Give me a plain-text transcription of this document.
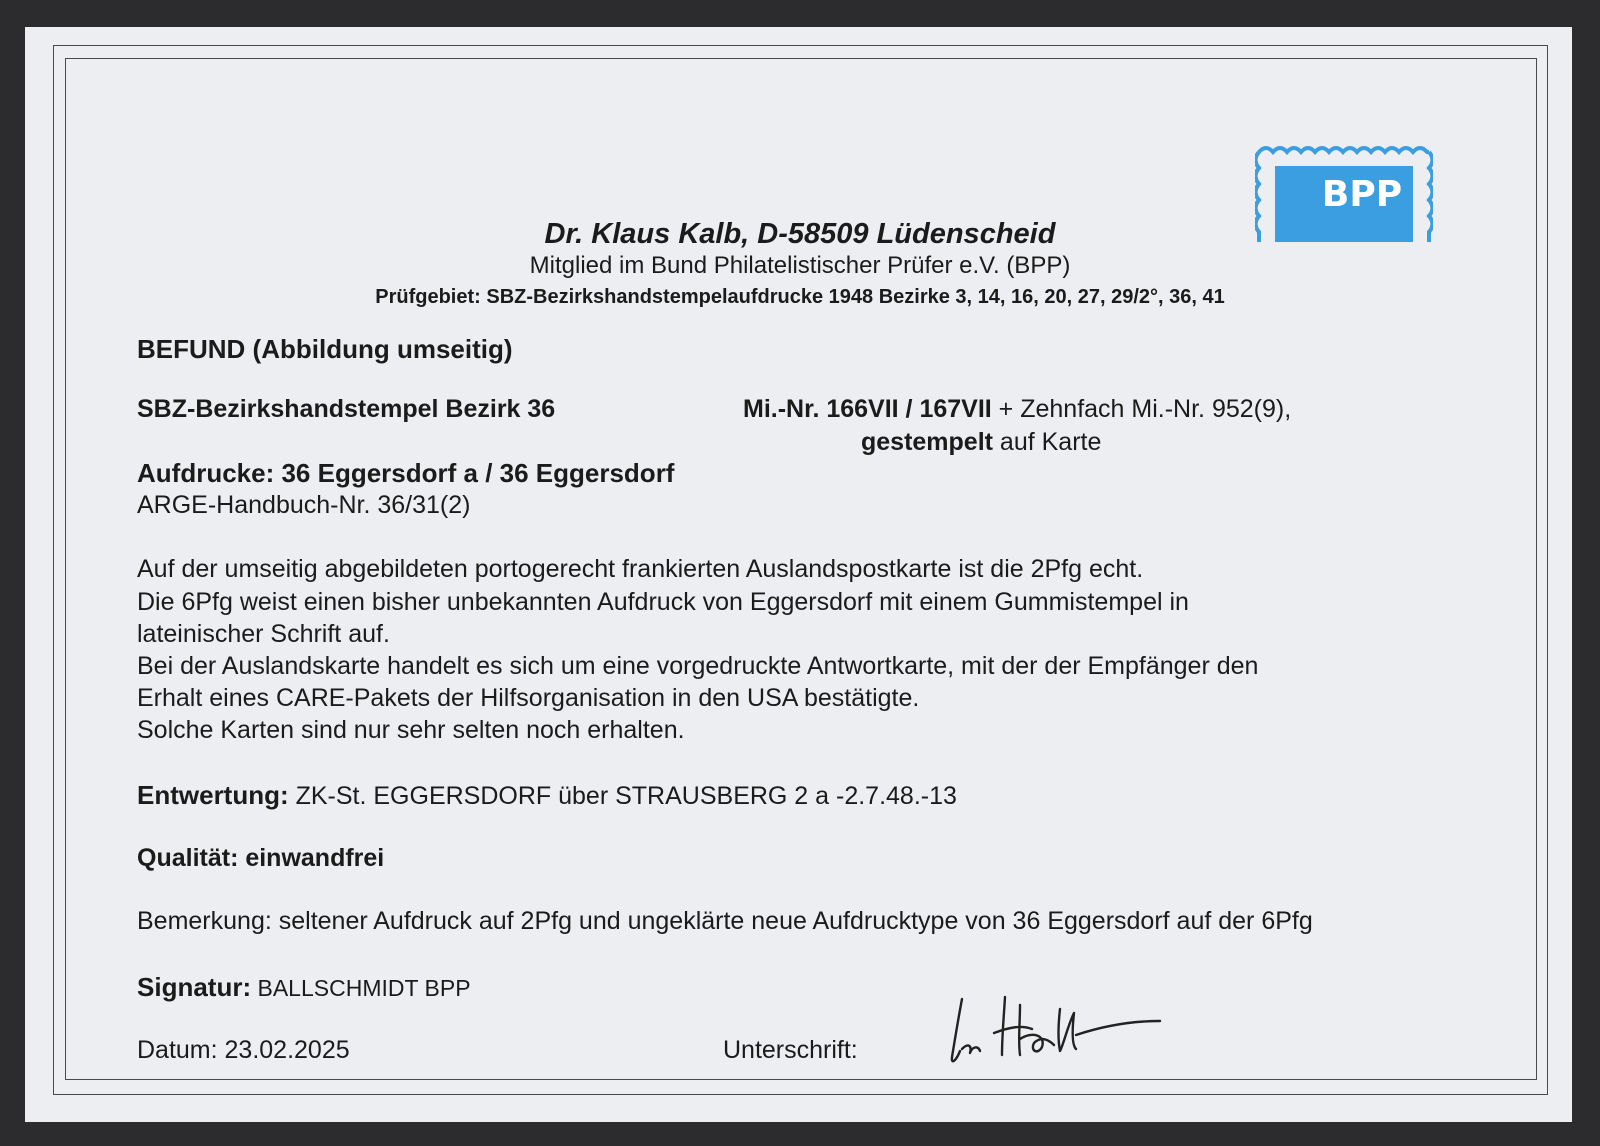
BPP
Dr. Klaus Kalb, D-58509 Lüdenscheid
Mitglied im Bund Philatelistischer Prüfer e.V. (BPP)
Prüfgebiet: SBZ-Bezirkshandstempelaufdrucke 1948 Bezirke 3, 14, 16, 20, 27, 29/2°, 36, 41
BEFUND (Abbildung umseitig)
SBZ-Bezirkshandstempel Bezirk 36	Mi.-Nr. 166VII / 167VII + Zehnfach Mi.-Nr. 952(9),
gestempelt auf Karte
Aufdrucke: 36 Eggersdorf a / 36 Eggersdorf
ARGE-Handbuch-Nr. 36/31(2)
Auf der umseitig abgebildeten portogerecht frankierten Auslandspostkarte ist die 2Pfg echt.
Die 6Pfg weist einen bisher unbekannten Aufdruck von Eggersdorf mit einem Gummistempel in
lateinischer Schrift auf.
Bei der Auslandskarte handelt es sich um eine vorgedruckte Antwortkarte, mit der der Empfänger den
Erhalt eines CARE-Pakets der Hilfsorganisation in den USA bestätigte.
Solche Karten sind nur sehr selten noch erhalten.
Entwertung: ZK-St. EGGERSDORF über STRAUSBERG 2 a -2.7.48.-13
Qualität: einwandfrei
Bemerkung: seltener Aufdruck auf 2Pfg und ungeklärte neue Aufdrucktype von 36 Eggersdorf auf der 6Pfg
Signatur: BALLSCHMIDT BPP
Datum: 23.02.2025	Unterschrift:
